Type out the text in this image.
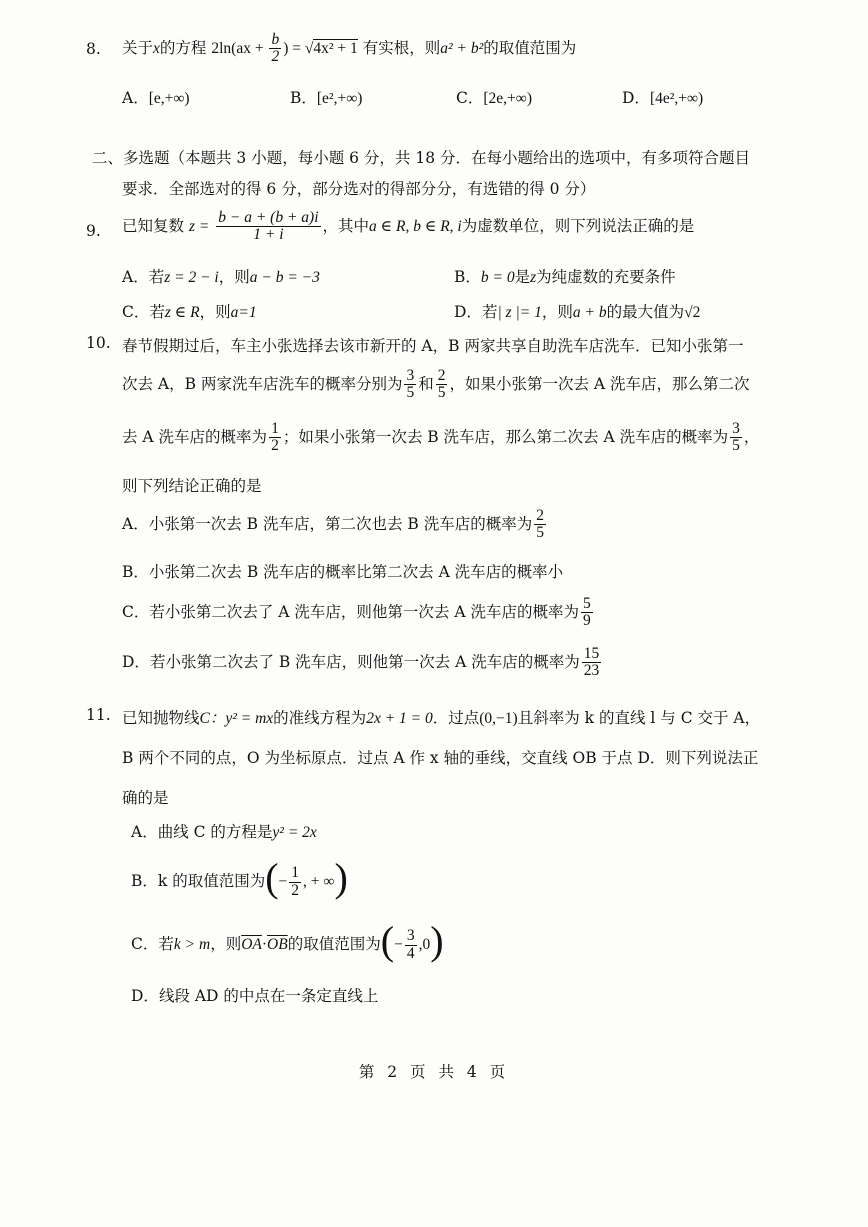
8. 关于x的方程 $2\ln(ax + \frac{b}{2}$ ) = √4x² + 1 有实根，则a² + b²的取值范围为
A．[e,+∞)	B．[e²,+∞)	C．[2e,+∞)	D．[4e²,+∞)
二、多选题（本题共 3 小题，每小题 6 分，共 18 分．在每小题给出的选项中，有多项符合题目
要求．全部选对的得 6 分，部分选对的得部分分，有选错的得 0 分）
9. 已知复数 $z = \frac{b - a + (b + a)i}{1 + i}$ ，其中a ∈ R, b ∈ R, i为虚数单位，则下列说法正确的是
A．若z = 2 − i，则a − b = −3	B．b = 0是z为纯虚数的充要条件
C．若z ∈ R，则a=1	D．若| z |= 1，则a + b的最大值为√2
10. 春节假期过后，车主小张选择去该市新开的 A，B 两家共享自助洗车店洗车．已知小张第一
次去 A，B 两家洗车店洗车的概率分别为 $\frac{3}{5}$ 和 $\frac{2}{5}$ ，如果小张第一次去 A 洗车店，那么第二次
去 A 洗车店的概率为 $\frac{1}{2}$ ；如果小张第一次去 B 洗车店，那么第二次去 A 洗车店的概率为 $\frac{3}{5}$ ，
则下列结论正确的是
A．小张第一次去 B 洗车店，第二次也去 B 洗车店的概率为 $\frac{2}{5}$
B．小张第二次去 B 洗车店的概率比第二次去 A 洗车店的概率小
C．若小张第二次去了 A 洗车店，则他第一次去 A 洗车店的概率为 $\frac{5}{9}$
D．若小张第二次去了 B 洗车店，则他第一次去 A 洗车店的概率为 $\frac{15}{23}$
11. 已知抛物线C：y² = mx的准线方程为2x + 1 = 0．过点(0,−1)且斜率为 k 的直线 l 与 C 交于 A，
B 两个不同的点，O 为坐标原点．过点 A 作 x 轴的垂线，交直线 OB 于点 D．则下列说法正
确的是
A．曲线 C 的方程是y² = 2x
B．k 的取值范围为(− $\frac{1}{2}$ , + ∞)
C．若k > m，则$\overline{OA}\cdot\overline{OB}$的取值范围为(− $\frac{3}{4} ,0$)
D．线段 AD 的中点在一条定直线上
第 2 页 共 4 页
